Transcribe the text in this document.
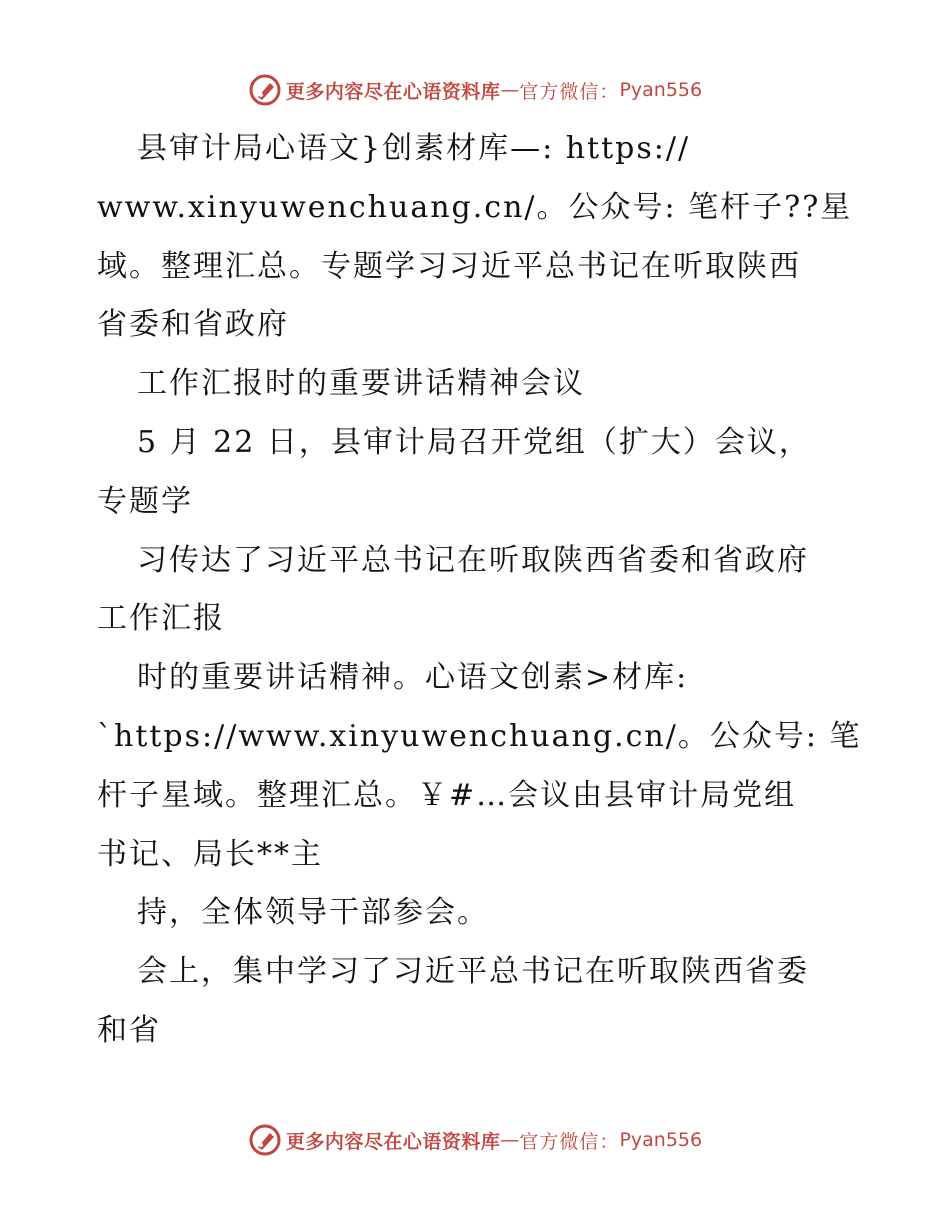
更多内容尽在心语资料库 — 官方微信： Pyan556
县审计局心语文}创素材库—: https://
www.xinyuwenchuang.cn/。公众号: 笔杆子??星
域。整理汇总。专题学习习近平总书记在听取陕西
省委和省政府
工作汇报时的重要讲话精神会议
5 月 22 日，县审计局召开党组（扩大）会议，
专题学
习传达了习近平总书记在听取陕西省委和省政府
工作汇报
时的重要讲话精神。心语文创素>材库:
`https://www.xinyuwenchuang.cn/。公众号: 笔
杆子星域。整理汇总。￥#…会议由县审计局党组
书记、局长**主
持，全体领导干部参会。
会上，集中学习了习近平总书记在听取陕西省委
和省
更多内容尽在心语资料库 — 官方微信： Pyan556
